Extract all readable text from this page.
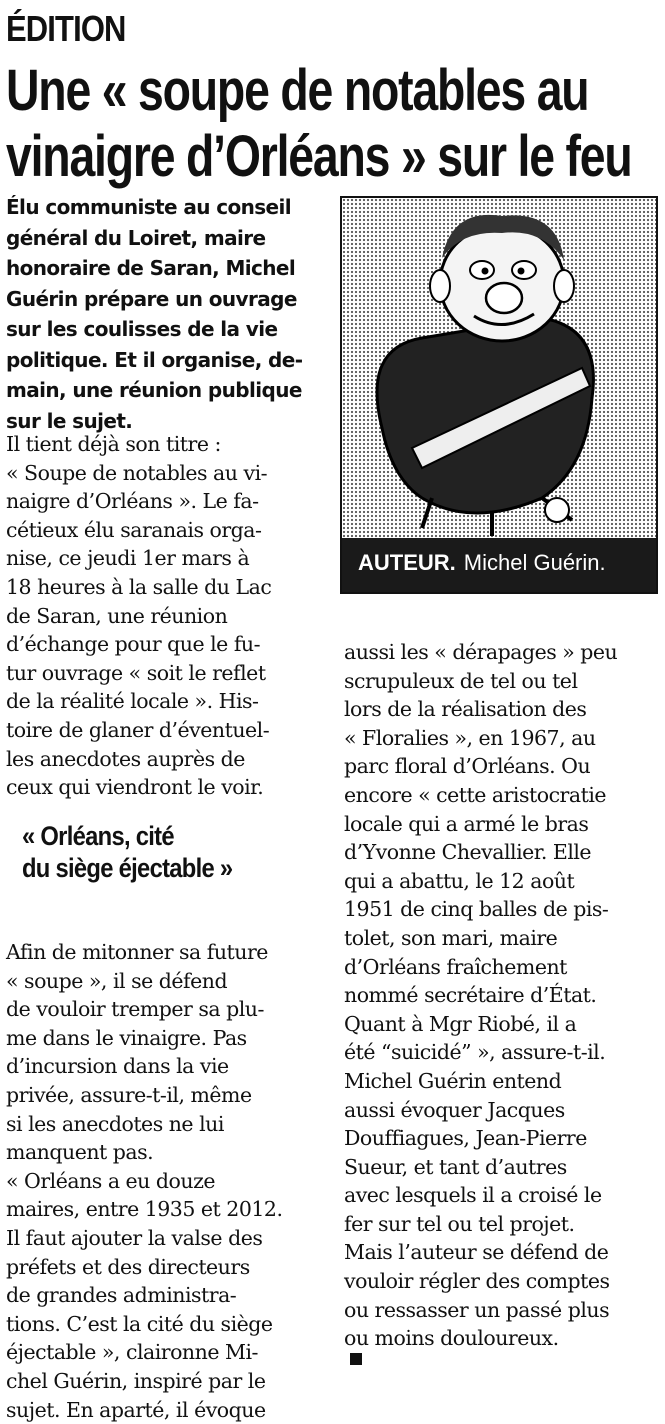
ÉDITION
Une « soupe de notables au
vinaigre d’Orléans » sur le feu

Élu communiste au conseil
général du Loiret, maire
honoraire de Saran, Michel
Guérin prépare un ouvrage
sur les coulisses de la vie
politique. Et il organise, de-
main, une réunion publique
sur le sujet.

AUTEUR. Michel Guérin.
Il tient déjà son titre :
« Soupe de notables au vi-
naigre d’Orléans ». Le fa-
cétieux élu saranais orga-
nise, ce jeudi 1er mars à
18 heures à la salle du Lac
de Saran, une réunion
d’échange pour que le fu-
tur ouvrage « soit le reflet
de la réalité locale ». His-
toire de glaner d’éventuel-
les anecdotes auprès de
ceux qui viendront le voir.
« Orléans, cité
du siège éjectable »
Afin de mitonner sa future
« soupe », il se défend
de vouloir tremper sa plu-
me dans le vinaigre. Pas
d’incursion dans la vie
privée, assure-t-il, même
si les anecdotes ne lui
manquent pas.
« Orléans a eu douze
maires, entre 1935 et 2012.
Il faut ajouter la valse des
préfets et des directeurs
de grandes administra-
tions. C’est la cité du siège
éjectable », claironne Mi-
chel Guérin, inspiré par le
sujet. En aparté, il évoque
aussi les « dérapages » peu
scrupuleux de tel ou tel
lors de la réalisation des
« Floralies », en 1967, au
parc floral d’Orléans. Ou
encore « cette aristocratie
locale qui a armé le bras
d’Yvonne Chevallier. Elle
qui a abattu, le 12 août
1951 de cinq balles de pis-
tolet, son mari, maire
d’Orléans fraîchement
nommé secrétaire d’État.
Quant à Mgr Riobé, il a
été “suicidé” », assure-t-il.
Michel Guérin entend
aussi évoquer Jacques
Douffiagues, Jean-Pierre
Sueur, et tant d’autres
avec lesquels il a croisé le
fer sur tel ou tel projet.
Mais l’auteur se défend de
vouloir régler des comptes
ou ressasser un passé plus
ou moins douloureux.
